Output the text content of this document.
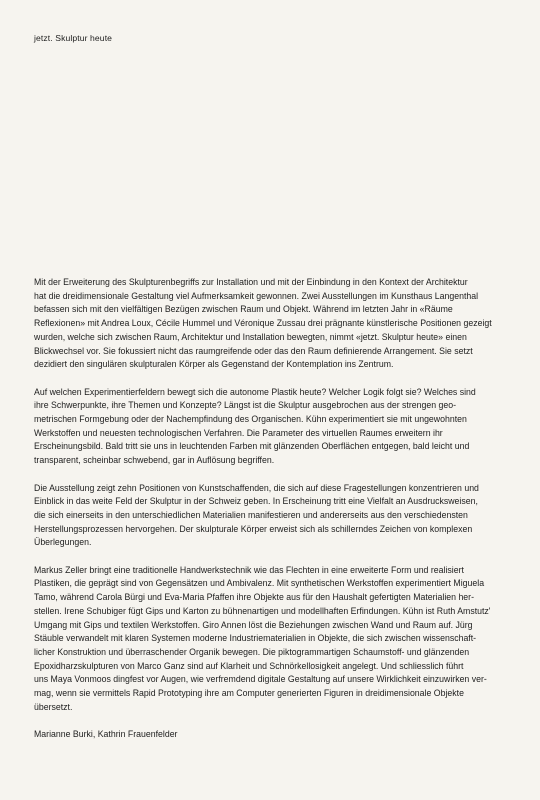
jetzt. Skulptur heute

Mit der Erweiterung des Skulpturenbegriffs zur Installation und mit der Einbindung in den Kontext der Architektur
hat die dreidimensionale Gestaltung viel Aufmerksamkeit gewonnen. Zwei Ausstellungen im Kunsthaus Langenthal
befassen sich mit den vielfältigen Bezügen zwischen Raum und Objekt. Während im letzten Jahr in «Räume
Reflexionen» mit Andrea Loux, Cécile Hummel und Véronique Zussau drei prägnante künstlerische Positionen gezeigt
wurden, welche sich zwischen Raum, Architektur und Installation bewegten, nimmt «jetzt. Skulptur heute» einen
Blickwechsel vor. Sie fokussiert nicht das raumgreifende oder das den Raum definierende Arrangement. Sie setzt
dezidiert den singulären skulpturalen Körper als Gegenstand der Kontemplation ins Zentrum.

Auf welchen Experimentierfeldern bewegt sich die autonome Plastik heute? Welcher Logik folgt sie? Welches sind
ihre Schwerpunkte, ihre Themen und Konzepte? Längst ist die Skulptur ausgebrochen aus der strengen geo-
metrischen Formgebung oder der Nachempfindung des Organischen. Kühn experimentiert sie mit ungewohnten
Werkstoffen und neuesten technologischen Verfahren. Die Parameter des virtuellen Raumes erweitern ihr
Erscheinungsbild. Bald tritt sie uns in leuchtenden Farben mit glänzenden Oberflächen entgegen, bald leicht und
transparent, scheinbar schwebend, gar in Auflösung begriffen.

Die Ausstellung zeigt zehn Positionen von Kunstschaffenden, die sich auf diese Fragestellungen konzentrieren und
Einblick in das weite Feld der Skulptur in der Schweiz geben. In Erscheinung tritt eine Vielfalt an Ausdrucksweisen,
die sich einerseits in den unterschiedlichen Materialien manifestieren und andererseits aus den verschiedensten
Herstellungsprozessen hervorgehen. Der skulpturale Körper erweist sich als schillerndes Zeichen von komplexen
Überlegungen.

Markus Zeller bringt eine traditionelle Handwerkstechnik wie das Flechten in eine erweiterte Form und realisiert
Plastiken, die geprägt sind von Gegensätzen und Ambivalenz. Mit synthetischen Werkstoffen experimentiert Miguela
Tamo, während Carola Bürgi und Eva-Maria Pfaffen ihre Objekte aus für den Haushalt gefertigten Materialien her-
stellen. Irene Schubiger fügt Gips und Karton zu bühnenartigen und modellhaften Erfindungen. Kühn ist Ruth Amstutz'
Umgang mit Gips und textilen Werkstoffen. Giro Annen löst die Beziehungen zwischen Wand und Raum auf. Jürg
Stäuble verwandelt mit klaren Systemen moderne Industriematerialien in Objekte, die sich zwischen wissenschaft-
licher Konstruktion und überraschender Organik bewegen. Die piktogrammartigen Schaumstoff- und glänzenden
Epoxidharzskulpturen von Marco Ganz sind auf Klarheit und Schnörkellosigkeit angelegt. Und schliesslich führt
uns Maya Vonmoos dingfest vor Augen, wie verfremdend digitale Gestaltung auf unsere Wirklichkeit einzuwirken ver-
mag, wenn sie vermittels Rapid Prototyping ihre am Computer generierten Figuren in dreidimensionale Objekte
übersetzt.

Marianne Burki, Kathrin Frauenfelder
